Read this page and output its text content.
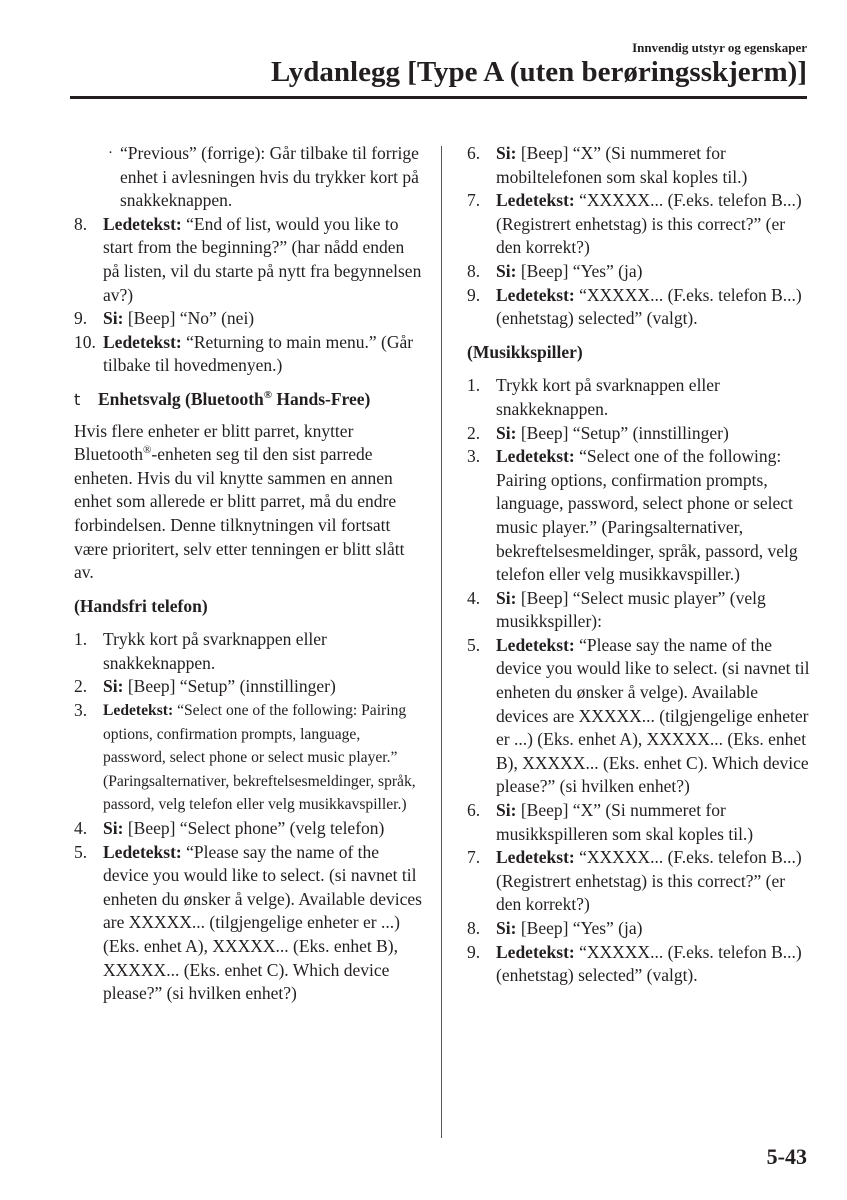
Innvendig utstyr og egenskaper
Lydanlegg [Type A (uten berøringsskjerm)]
· “Previous” (forrige): Går tilbake til forrige enhet i avlesningen hvis du trykker kort på snakkeknappen.
8. Ledetekst: “End of list, would you like to start from the beginning?” (har nådd enden på listen, vil du starte på nytt fra begynnelsen av?)
9. Si: [Beep] “No” (nei)
10. Ledetekst: “Returning to main menu.” (Går tilbake til hovedmenyen.)
t	Enhetsvalg (Bluetooth® Hands-Free)
Hvis flere enheter er blitt parret, knytter Bluetooth®-enheten seg til den sist parrede enheten. Hvis du vil knytte sammen en annen enhet som allerede er blitt parret, må du endre forbindelsen. Denne tilknytningen vil fortsatt være prioritert, selv etter tenningen er blitt slått av.
(Handsfri telefon)
1. Trykk kort på svarknappen eller snakkeknappen.
2. Si: [Beep] “Setup” (innstillinger)
3.	Ledetekst: “Select one of the following: Pairing options, confirmation prompts, language, password, select phone or select music player.” (Paringsalternativer, bekreftelsesmeldinger, språk, passord, velg telefon eller velg musikkavspiller.)
4. Si: [Beep] “Select phone” (velg telefon)
5. Ledetekst: “Please say the name of the device you would like to select. (si navnet til enheten du ønsker å velge). Available devices are XXXXX... (tilgjengelige enheter er ...) (Eks. enhet A), XXXXX... (Eks. enhet B), XXXXX... (Eks. enhet C). Which device please?” (si hvilken enhet?)
6. Si: [Beep] “X” (Si nummeret for mobiltelefonen som skal koples til.)
7. Ledetekst: “XXXXX... (F.eks. telefon B...) (Registrert enhetstag) is this correct?” (er den korrekt?)
8. Si: [Beep] “Yes” (ja)
9. Ledetekst: “XXXXX... (F.eks. telefon B...) (enhetstag) selected” (valgt).
(Musikkspiller)
1. Trykk kort på svarknappen eller snakkeknappen.
2. Si: [Beep] “Setup” (innstillinger)
3. Ledetekst: “Select one of the following: Pairing options, confirmation prompts, language, password, select phone or select music player.” (Paringsalternativer, bekreftelsesmeldinger, språk, passord, velg telefon eller velg musikkavspiller.)
4. Si: [Beep] “Select music player” (velg musikkspiller):
5. Ledetekst: “Please say the name of the device you would like to select. (si navnet til enheten du ønsker å velge). Available devices are XXXXX... (tilgjengelige enheter er ...) (Eks. enhet A), XXXXX... (Eks. enhet B), XXXXX... (Eks. enhet C). Which device please?” (si hvilken enhet?)
6. Si: [Beep] “X” (Si nummeret for musikkspilleren som skal koples til.)
7. Ledetekst: “XXXXX... (F.eks. telefon B...) (Registrert enhetstag) is this correct?” (er den korrekt?)
8. Si: [Beep] “Yes” (ja)
9. Ledetekst: “XXXXX... (F.eks. telefon B...) (enhetstag) selected” (valgt).
5-43
